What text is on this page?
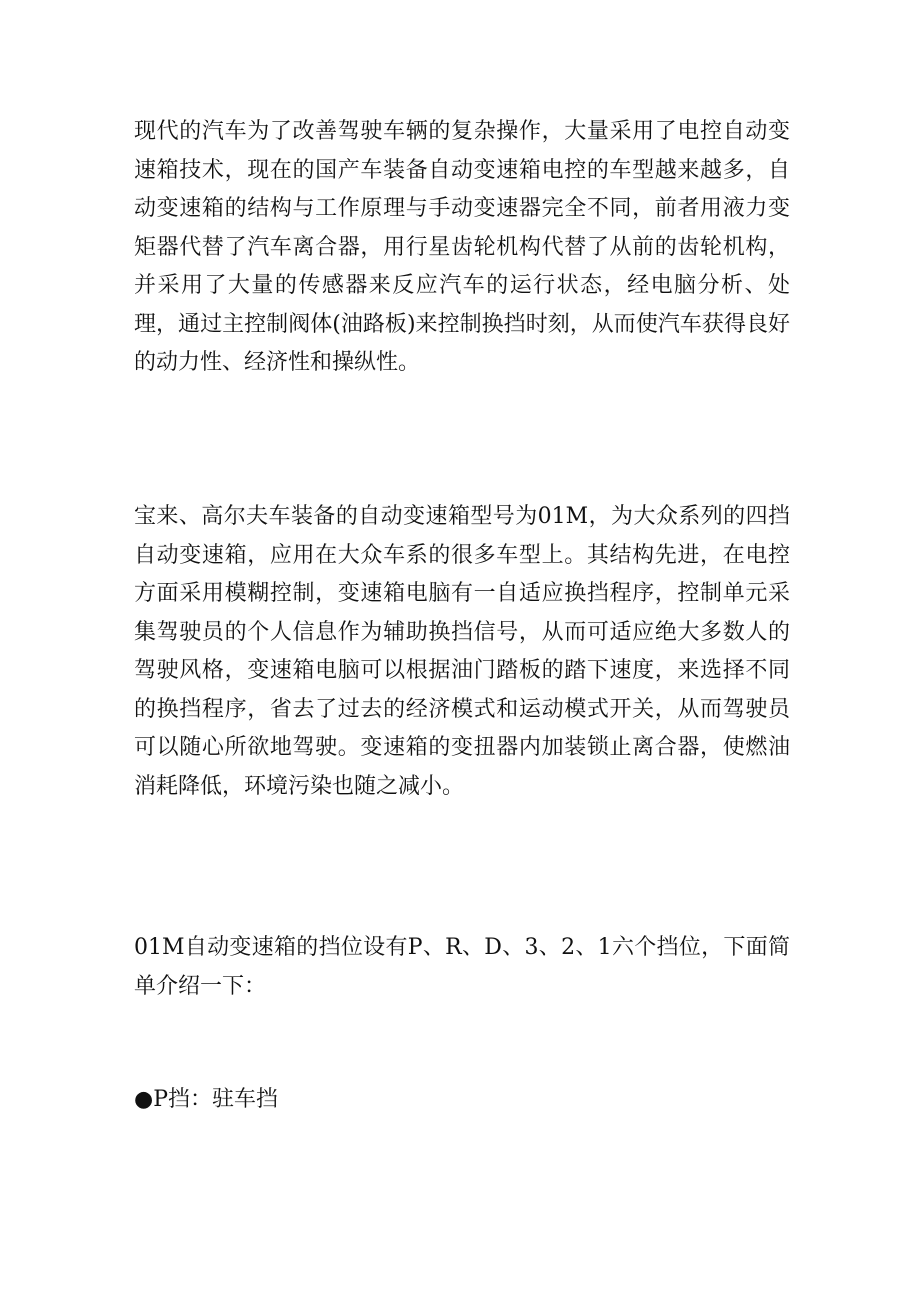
现代的汽车为了改善驾驶车辆的复杂操作，大量采用了电控自动变速箱技术，现在的国产车装备自动变速箱电控的车型越来越多，自动变速箱的结构与工作原理与手动变速器完全不同，前者用液力变矩器代替了汽车离合器，用行星齿轮机构代替了从前的齿轮机构，并采用了大量的传感器来反应汽车的运行状态，经电脑分析、处理，通过主控制阀体(油路板)来控制换挡时刻，从而使汽车获得良好的动力性、经济性和操纵性。

宝来、高尔夫车装备的自动变速箱型号为01M，为大众系列的四挡自动变速箱，应用在大众车系的很多车型上。其结构先进，在电控方面采用模糊控制，变速箱电脑有一自适应换挡程序，控制单元采集驾驶员的个人信息作为辅助换挡信号，从而可适应绝大多数人的驾驶风格，变速箱电脑可以根据油门踏板的踏下速度，来选择不同的换挡程序，省去了过去的经济模式和运动模式开关，从而驾驶员可以随心所欲地驾驶。变速箱的变扭器内加装锁止离合器，使燃油消耗降低，环境污染也随之减小。

01M自动变速箱的挡位设有P、R、D、3、2、1六个挡位，下面简单介绍一下：

●P挡：驻车挡
